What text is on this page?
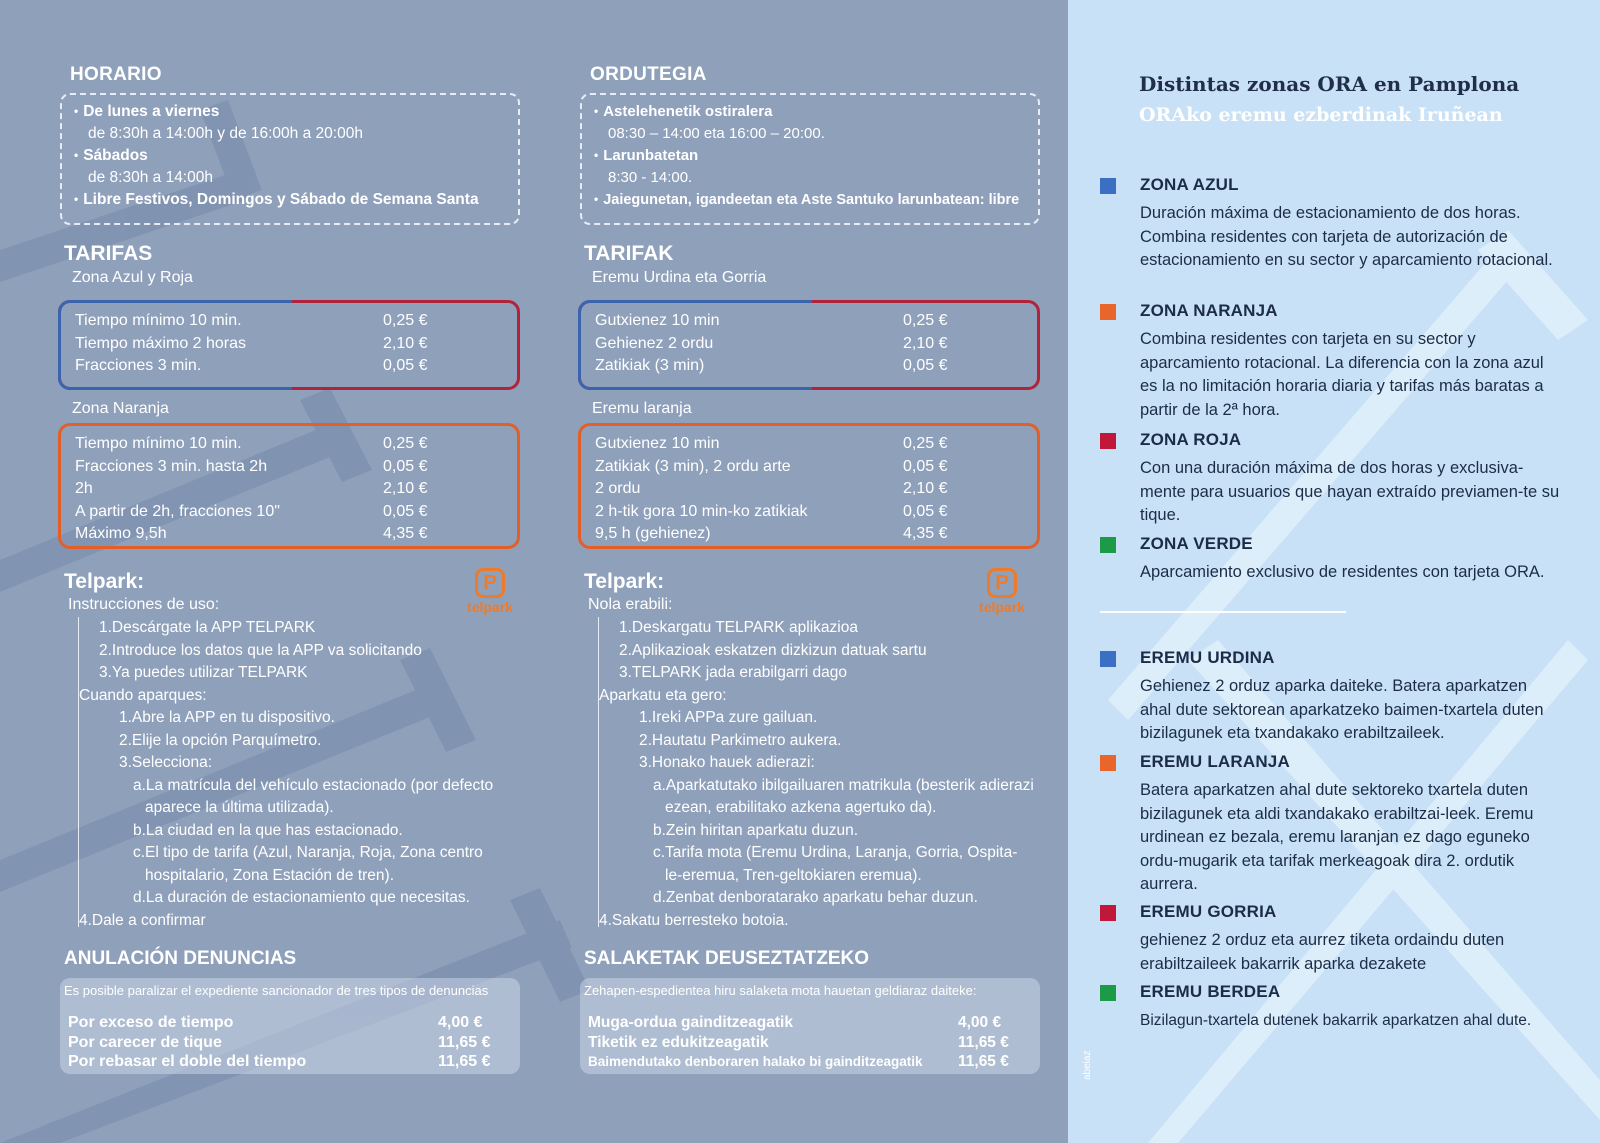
HORARIO
• De lunes a viernes
de 8:30h a 14:00h y de 16:00h a 20:00h
• Sábados
de 8:30h a 14:00h
• Libre Festivos, Domingos y Sábado de Semana Santa
TARIFAS
Zona Azul y Roja
Tiempo mínimo 10 min.	0,25 €
Tiempo máximo 2 horas	2,10 €
Fracciones 3 min.	0,05 €
Zona Naranja
Tiempo mínimo 10 min.	0,25 €
Fracciones 3 min. hasta 2h	0,05 €
2h	2,10 €
A partir de 2h, fracciones 10"	0,05 €
Máximo 9,5h	4,35 €
Telpark:	P
telpark
Instrucciones de uso:
1.Descárgate la APP TELPARK
2.Introduce los datos que la APP va solicitando
3.Ya puedes utilizar TELPARK
Cuando aparques:
1.Abre la APP en tu dispositivo.
2.Elije la opción Parquímetro.
3.Selecciona:
a.La matrícula del vehículo estacionado (por defecto
aparece la última utilizada).
b.La ciudad en la que has estacionado.
c.El tipo de tarifa (Azul, Naranja, Roja, Zona centro
hospitalario, Zona Estación de tren).
d.La duración de estacionamiento que necesitas.
4.Dale a confirmar
ANULACIÓN DENUNCIAS
Es posible paralizar el expediente sancionador de tres tipos de denuncias
Por exceso de tiempo	4,00 €
Por carecer de tique	11,65 €
Por rebasar el doble del tiempo	11,65 €
ORDUTEGIA
• Astelehenetik ostiralera
08:30 – 14:00 eta 16:00 – 20:00.
• Larunbatetan
8:30 - 14:00.
• Jaiegunetan, igandeetan eta Aste Santuko larunbatean: libre
TARIFAK
Eremu Urdina eta Gorria
Gutxienez 10 min	0,25 €
Gehienez 2 ordu	2,10 €
Zatikiak (3 min)	0,05 €
Eremu laranja
Gutxienez 10 min	0,25 €
Zatikiak (3 min), 2 ordu arte	0,05 €
2 ordu	2,10 €
2 h-tik gora 10 min-ko zatikiak	0,05 €
9,5 h (gehienez)	4,35 €
Telpark:	P
telpark
Nola erabili:
1.Deskargatu TELPARK aplikazioa
2.Aplikazioak eskatzen dizkizun datuak sartu
3.TELPARK jada erabilgarri dago
Aparkatu eta gero:
1.Ireki APPa zure gailuan.
2.Hautatu Parkimetro aukera.
3.Honako hauek adierazi:
a.Aparkatutako ibilgailuaren matrikula (besterik adierazi
ezean, erabilitako azkena agertuko da).
b.Zein hiritan aparkatu duzun.
c.Tarifa mota (Eremu Urdina, Laranja, Gorria, Ospita-
le-eremua, Tren-geltokiaren eremua).
d.Zenbat denboratarako aparkatu behar duzun.
4.Sakatu berresteko botoia.
SALAKETAK DEUSEZTATZEKO
Zehapen-espedientea hiru salaketa mota hauetan geldiaraz daiteke:
Muga-ordua gainditzeagatik	4,00 €
Tiketik ez edukitzeagatik	11,65 €
Baimendutako denboraren halako bi gainditzeagatik 11,65 €
Distintas zonas ORA en Pamplona
ORAko eremu ezberdinak Iruñean
ZONA AZUL
Duración máxima de estacionamiento de dos horas. Combina residentes con tarjeta de autorización de estacionamiento en su sector y aparcamiento rotacional.
ZONA NARANJA
Combina residentes con tarjeta en su sector y aparcamiento rotacional. La diferencia con la zona azul es la no limitación horaria diaria y tarifas más baratas a partir de la 2ª hora.
ZONA ROJA
Con una duración máxima de dos horas y exclusiva-mente para usuarios que hayan extraído previamen-te su tique.
ZONA VERDE
Aparcamiento exclusivo de residentes con tarjeta ORA.
EREMU URDINA
Gehienez 2 orduz aparka daiteke. Batera aparkatzen ahal dute sektorean aparkatzeko baimen-txartela duten bizilagunek eta txandakako erabiltzaileek.
EREMU LARANJA
Batera aparkatzen ahal dute sektoreko txartela duten bizilagunek eta aldi txandakako erabiltzai-leek. Eremu urdinean ez bezala, eremu laranjan ez dago eguneko ordu-mugarik eta tarifak merkeagoak dira 2. ordutik aurrera.
EREMU GORRIA
gehienez 2 orduz eta aurrez tiketa ordaindu duten erabiltzaileek bakarrik aparka dezakete
EREMU BERDEA
Bizilagun-txartela dutenek bakarrik aparkatzen ahal dute.
abeiaz
